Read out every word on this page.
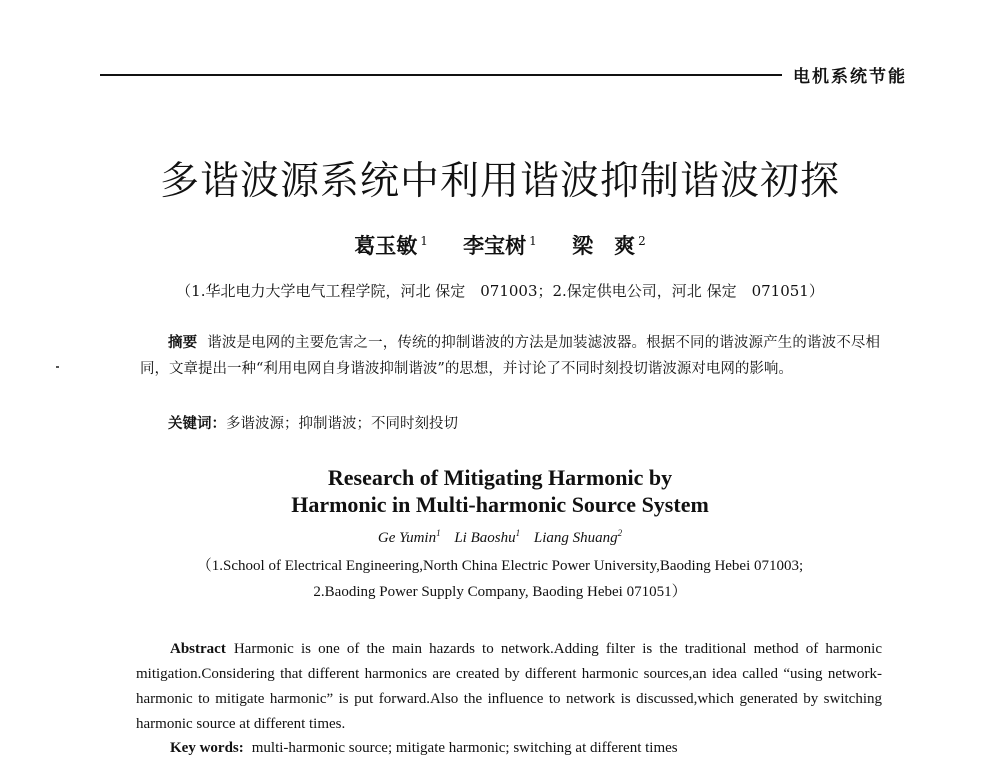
电机系统节能
多谐波源系统中利用谐波抑制谐波初探
葛玉敏 $^1$ 李宝树 $^1$ 梁　爽 $^2$
（1.华北电力大学电气工程学院，河北 保定　071003；2.保定供电公司，河北 保定　071051）

摘要 谐波是电网的主要危害之一，传统的抑制谐波的方法是加装滤波器。根据不同的谐波源产生的谐波不尽相同，文章提出一种“利用电网自身谐波抑制谐波”的思想，并讨论了不同时刻投切谐波源对电网的影响。

关键词：多谐波源；抑制谐波；不同时刻投切
Research of Mitigating Harmonic by
Harmonic in Multi-harmonic Source System
Ge Yumin$^1$ Li Baoshu$^1$ Liang Shuang$^2$
（1.School of Electrical Engineering,North China Electric Power University,Baoding Hebei 071003;
2.Baoding Power Supply Company, Baoding Hebei 071051）

Abstract Harmonic is one of the main hazards to network.Adding filter is the traditional method of harmonic mitigation.Considering that different harmonics are created by different harmonic sources,an idea called “using network-harmonic to mitigate harmonic” is put forward.Also the influence to network is discussed,which generated by switching harmonic source at different times.

Key words: multi-harmonic source; mitigate harmonic; switching at different times
